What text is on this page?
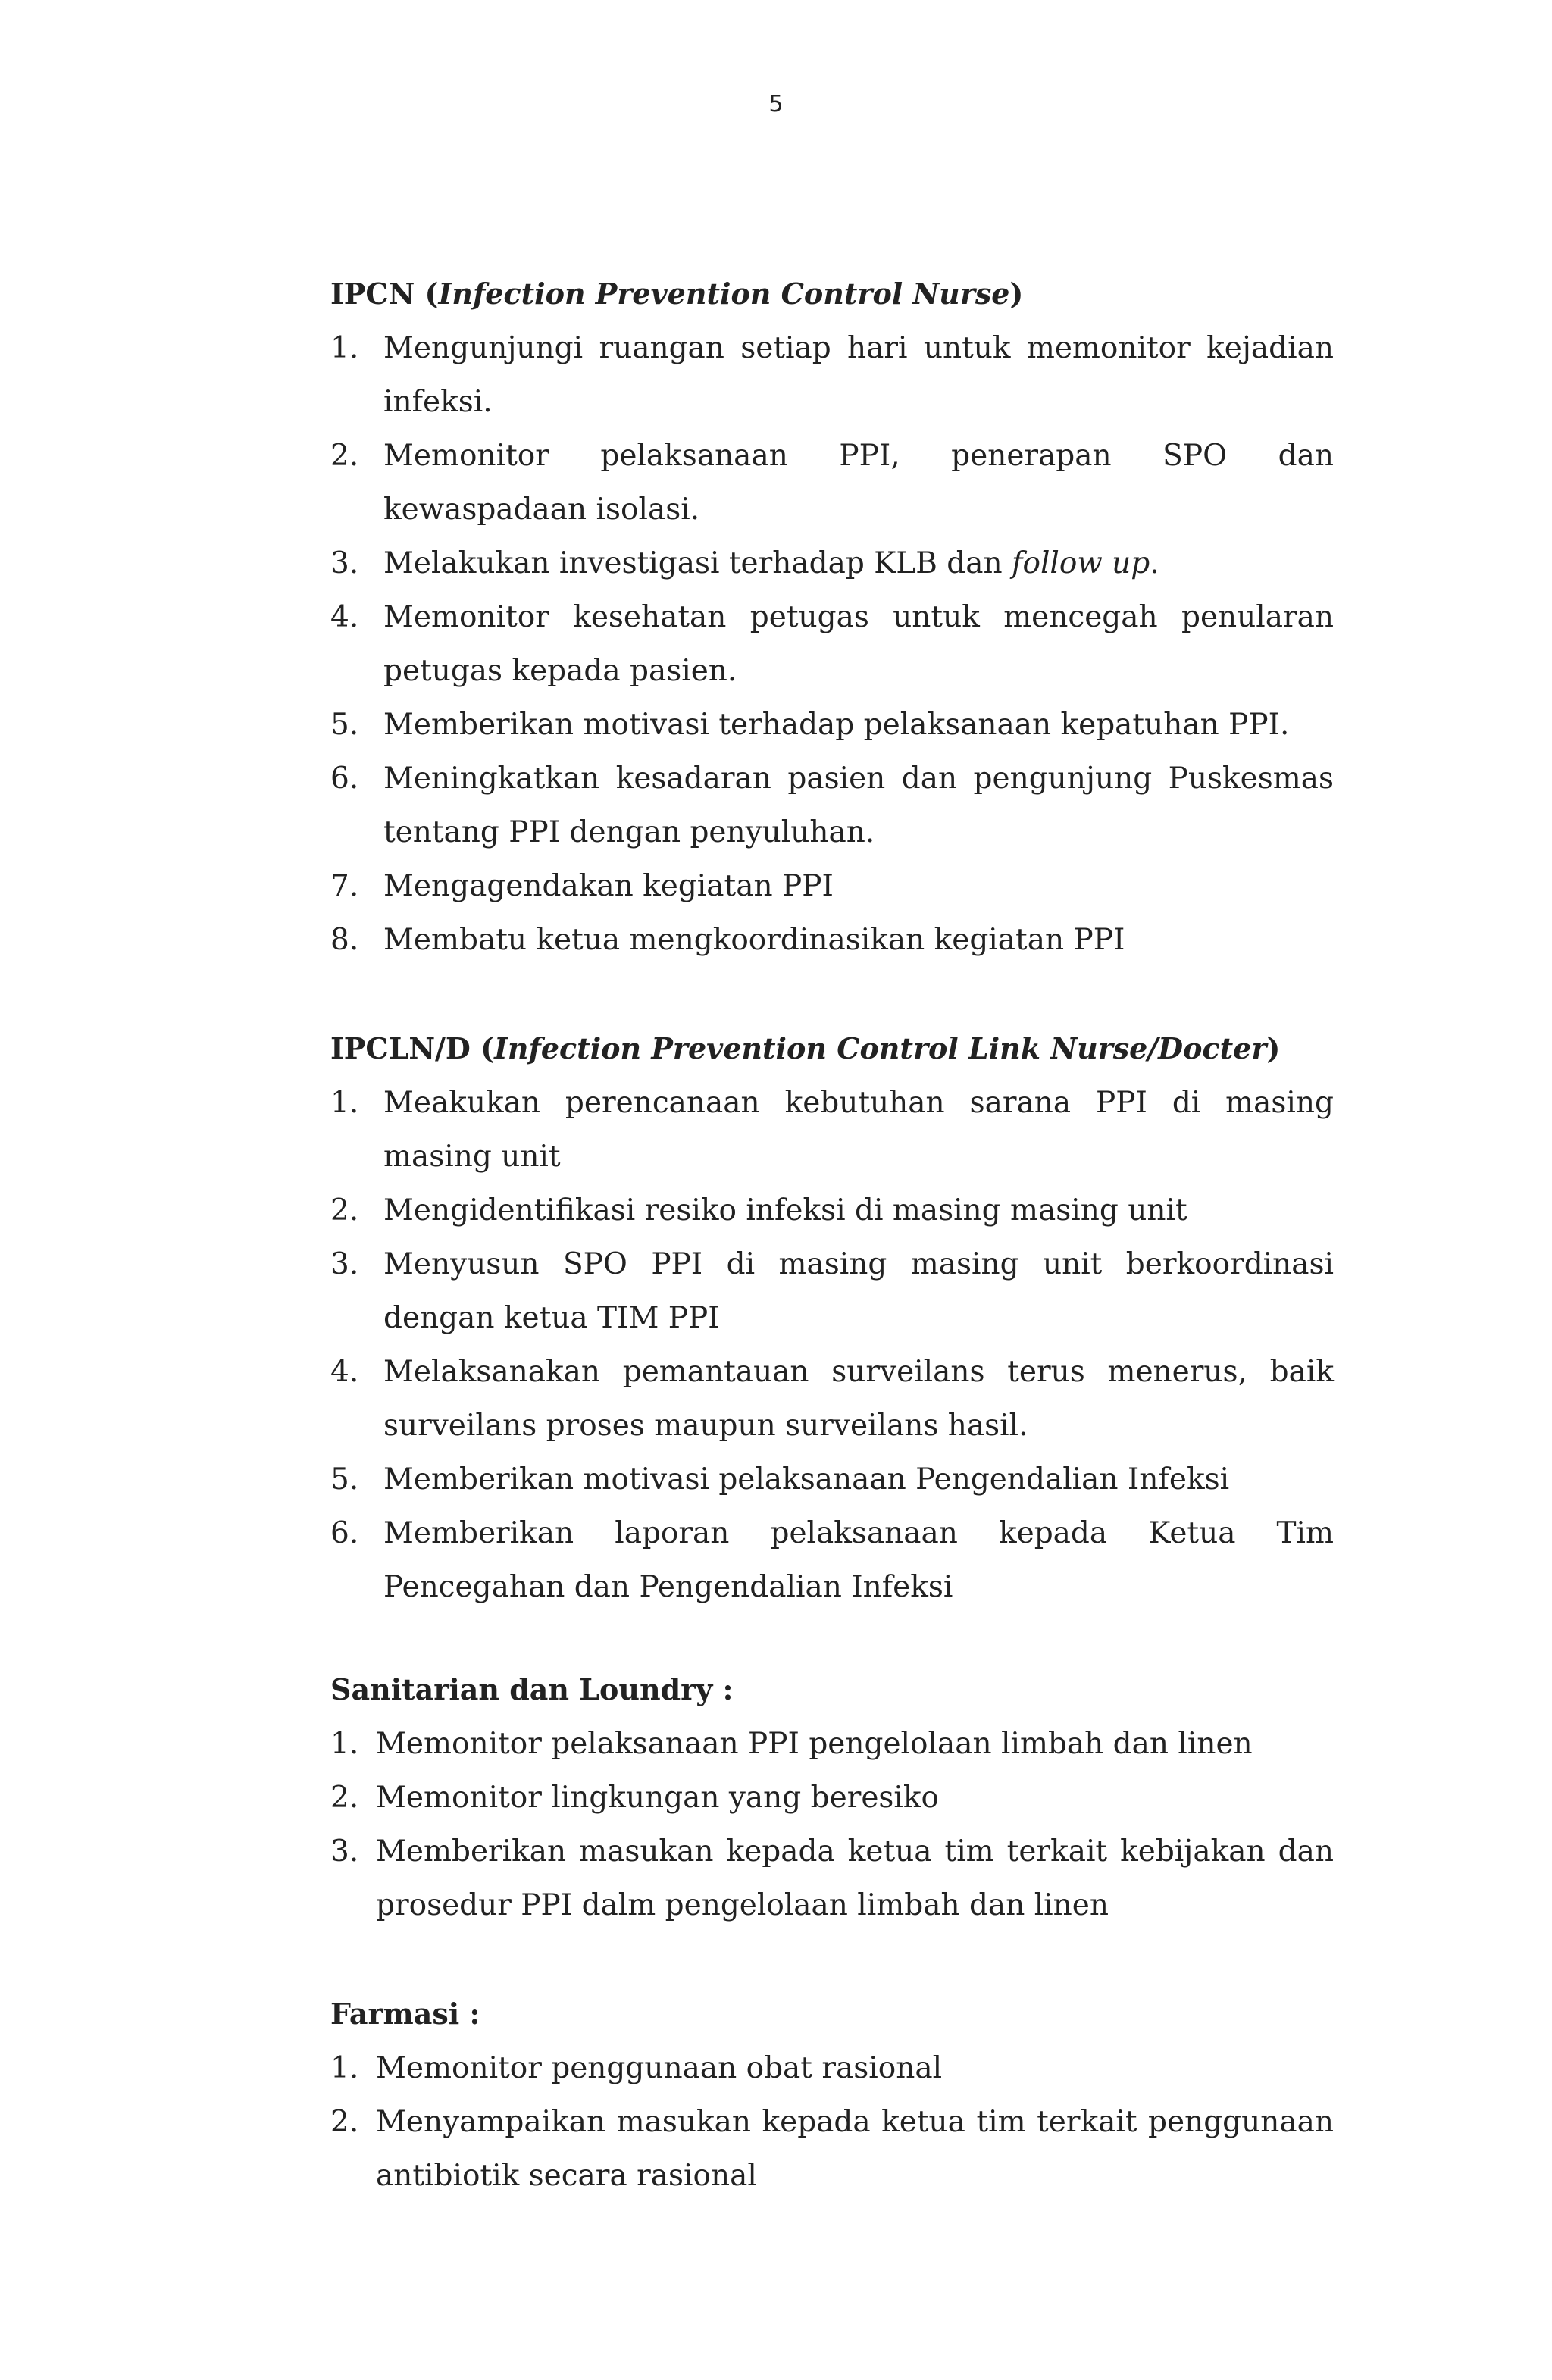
5
IPCN (Infection Prevention Control Nurse)
1. Mengunjungi ruangan setiap hari untuk memonitor kejadian infeksi.
2. Memonitor pelaksanaan PPI, penerapan SPO dan kewaspadaan isolasi.
3. Melakukan investigasi terhadap KLB dan follow up.
4. Memonitor kesehatan petugas untuk mencegah penularan petugas kepada pasien.
5. Memberikan motivasi terhadap pelaksanaan kepatuhan PPI.
6. Meningkatkan kesadaran pasien dan pengunjung Puskesmas tentang PPI dengan penyuluhan.
7. Mengagendakan kegiatan PPI
8. Membatu ketua mengkoordinasikan kegiatan PPI
IPCLN/D (Infection Prevention Control Link Nurse/Docter)
1. Meakukan perencanaan kebutuhan sarana PPI di masing masing unit
2. Mengidentifikasi resiko infeksi di masing masing unit
3. Menyusun SPO PPI di masing masing unit berkoordinasi dengan ketua TIM PPI
4. Melaksanakan pemantauan surveilans terus menerus, baik surveilans proses maupun surveilans hasil.
5. Memberikan motivasi pelaksanaan Pengendalian Infeksi
6. Memberikan laporan pelaksanaan kepada Ketua Tim Pencegahan dan Pengendalian Infeksi
Sanitarian dan Loundry :
1. Memonitor pelaksanaan PPI pengelolaan limbah dan linen
2. Memonitor lingkungan yang beresiko
3. Memberikan masukan kepada ketua tim terkait kebijakan dan prosedur PPI dalm pengelolaan limbah dan linen
Farmasi :
1. Memonitor penggunaan obat rasional
2. Menyampaikan masukan kepada ketua tim terkait penggunaan antibiotik secara rasional
